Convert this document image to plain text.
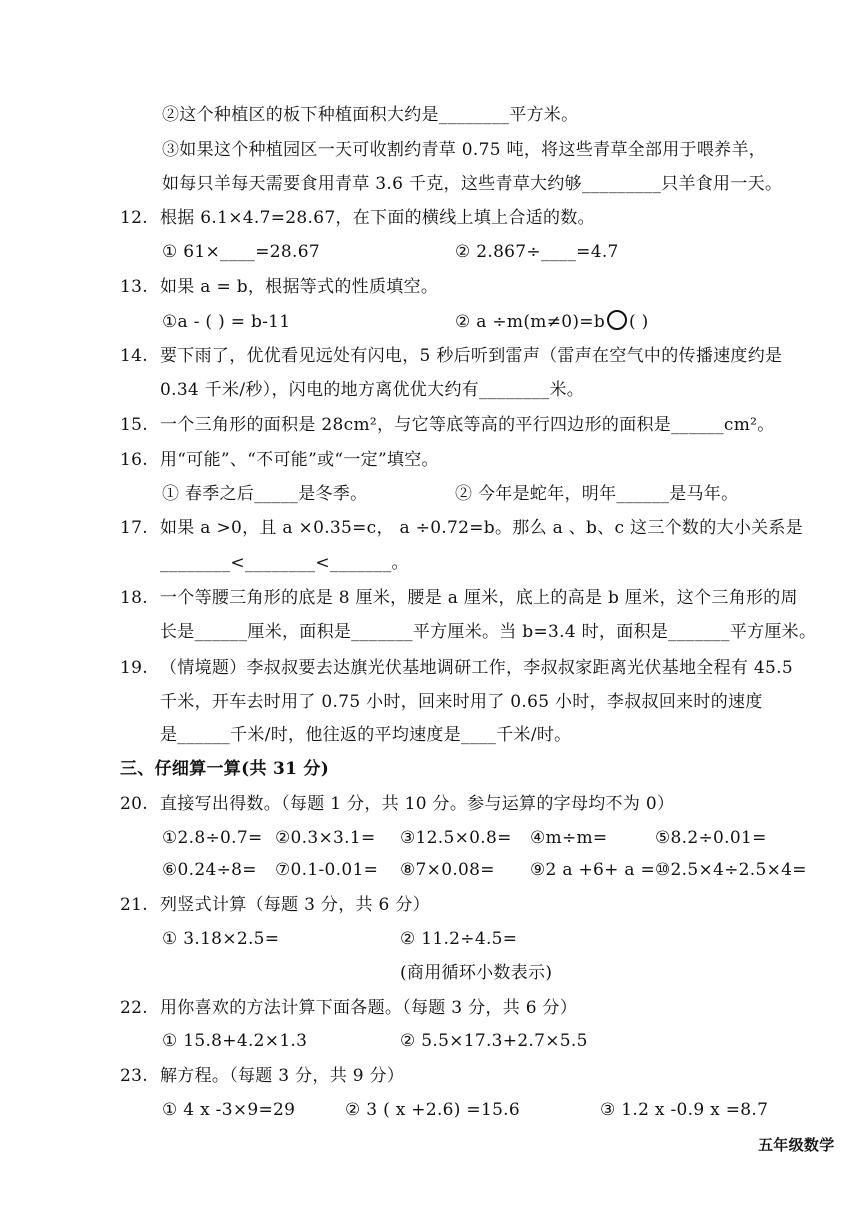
②这个种植区的板下种植面积大约是________平方米。
③如果这个种植园区一天可收割约青草 0.75 吨，将这些青草全部用于喂养羊，
如每只羊每天需要食用青草 3.6 千克，这些青草大约够_________只羊食用一天。
12. 根据 6.1×4.7=28.67，在下面的横线上填上合适的数。
① 61×____=28.67	② 2.867÷____=4.7
13. 如果 a = b，根据等式的性质填空。
①a - ( ) = b-11	② a ÷m(m≠0)=b ( )
14. 要下雨了，优优看见远处有闪电，5 秒后听到雷声（雷声在空气中的传播速度约是
0.34 千米/秒），闪电的地方离优优大约有________米。
15. 一个三角形的面积是 28cm²，与它等底等高的平行四边形的面积是______cm²。
16. 用“可能”、“不可能”或“一定”填空。
① 春季之后_____是冬季。	② 今年是蛇年，明年______是马年。
17. 如果 a >0，且 a ×0.35=c， a ÷0.72=b。那么 a 、b、c 这三个数的大小关系是
________<________<_______。
18. 一个等腰三角形的底是 8 厘米，腰是 a 厘米，底上的高是 b 厘米，这个三角形的周
长是______厘米，面积是_______平方厘米。当 b=3.4 时，面积是_______平方厘米。
19. （情境题）李叔叔要去达旗光伏基地调研工作，李叔叔家距离光伏基地全程有 45.5
千米，开车去时用了 0.75 小时，回来时用了 0.65 小时，李叔叔回来时的速度
是______千米/时，他往返的平均速度是____千米/时。
三、仔细算一算(共 31 分)
20. 直接写出得数。（每题 1 分，共 10 分。参与运算的字母均不为 0）
①2.8÷0.7= ②0.3×3.1= ③12.5×0.8= ④m÷m=	⑤8.2÷0.01=
⑥0.24÷8= ⑦0.1-0.01= ⑧7×0.08= ⑨2 a +6+ a = ⑩2.5×4÷2.5×4=
21. 列竖式计算（每题 3 分，共 6 分）
① 3.18×2.5=	② 11.2÷4.5=
(商用循环小数表示)
22. 用你喜欢的方法计算下面各题。（每题 3 分，共 6 分）
① 15.8+4.2×1.3	② 5.5×17.3+2.7×5.5
23. 解方程。（每题 3 分，共 9 分）
① 4 x -3×9=29	② 3 ( x +2.6) =15.6	③ 1.2 x -0.9 x =8.7
五年级数学
